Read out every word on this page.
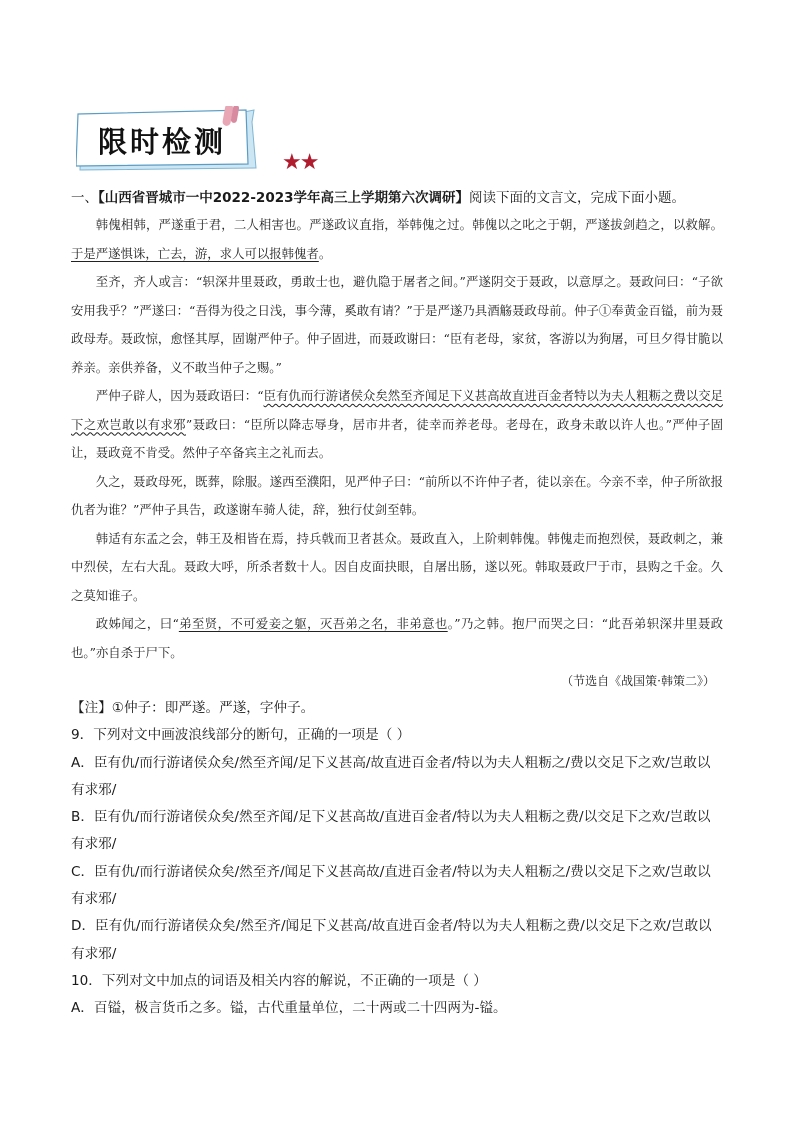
限时检测
★★
一、【山西省晋城市一中2022-2023学年高三上学期第六次调研】阅读下面的文言文，完成下面小题。

韩傀相韩，严遂重于君，二人相害也。严遂政议直指，举韩傀之过。韩傀以之叱之于朝，严遂拔剑趋之，以救解。于是严遂惧诛，亡去，游，求人可以报韩傀者。

至齐，齐人或言：“轵深井里聂政，勇敢士也，避仇隐于屠者之间。”严遂阴交于聂政，以意厚之。聂政问曰：“子欲安用我乎？”严遂曰：“吾得为役之日浅，事今薄，奚敢有请？”于是严遂乃具酒觞聂政母前。仲子①奉黄金百镒，前为聂政母寿。聂政惊，愈怪其厚，固谢严仲子。仲子固进，而聂政谢曰：“臣有老母，家贫，客游以为狗屠，可旦夕得甘脆以养亲。亲供养备，义不敢当仲子之赐。”

严仲子辟人，因为聂政语曰：“臣有仇而行游诸侯众矣然至齐闻足下义甚高故直进百金者特以为夫人粗粝之费以交足下之欢岂敢以有求邪”聂政曰：“臣所以降志辱身，居市井者，徒幸而养老母。老母在，政身未敢以许人也。”严仲子固让，聂政竟不肯受。然仲子卒备宾主之礼而去。

久之，聂政母死，既葬，除服。遂西至濮阳，见严仲子曰：“前所以不许仲子者，徒以亲在。今亲不幸，仲子所欲报仇者为谁？”严仲子具告，政遂谢车骑人徒，辞，独行仗剑至韩。

韩适有东孟之会，韩王及相皆在焉，持兵戟而卫者甚众。聂政直入，上阶刺韩傀。韩傀走而抱烈侯，聂政刺之，兼中烈侯，左右大乱。聂政大呼，所杀者数十人。因自皮面抉眼，自屠出肠，遂以死。韩取聂政尸于市，县购之千金。久之莫知谁子。

政姊闻之，曰“弟至贤，不可爱妾之躯，灭吾弟之名，非弟意也。”乃之韩。抱尸而哭之曰：“此吾弟轵深井里聂政也。”亦自杀于尸下。

（节选自《战国策·韩策二》）

【注】①仲子：即严遂。严遂，字仲子。

9．下列对文中画波浪线部分的断句，正确的一项是（ ）

A．臣有仇/而行游诸侯众矣/然至齐闻/足下义甚高/故直进百金者/特以为夫人粗粝之/费以交足下之欢/岂敢以

有求邪/

B．臣有仇/而行游诸侯众矣/然至齐闻/足下义甚高故/直进百金者/特以为夫人粗粝之费/以交足下之欢/岂敢以

有求邪/

C．臣有仇/而行游诸侯众矣/然至齐/闻足下义甚高故/直进百金者/特以为夫人粗粝之/费以交足下之欢/岂敢以

有求邪/

D．臣有仇/而行游诸侯众矣/然至齐/闻足下义甚高/故直进百金者/特以为夫人粗粝之费/以交足下之欢/岂敢以

有求邪/

10．下列对文中加点的词语及相关内容的解说，不正确的一项是（ ）

A．百镒，极言货币之多。镒，古代重量单位，二十两或二十四两为-镒。
